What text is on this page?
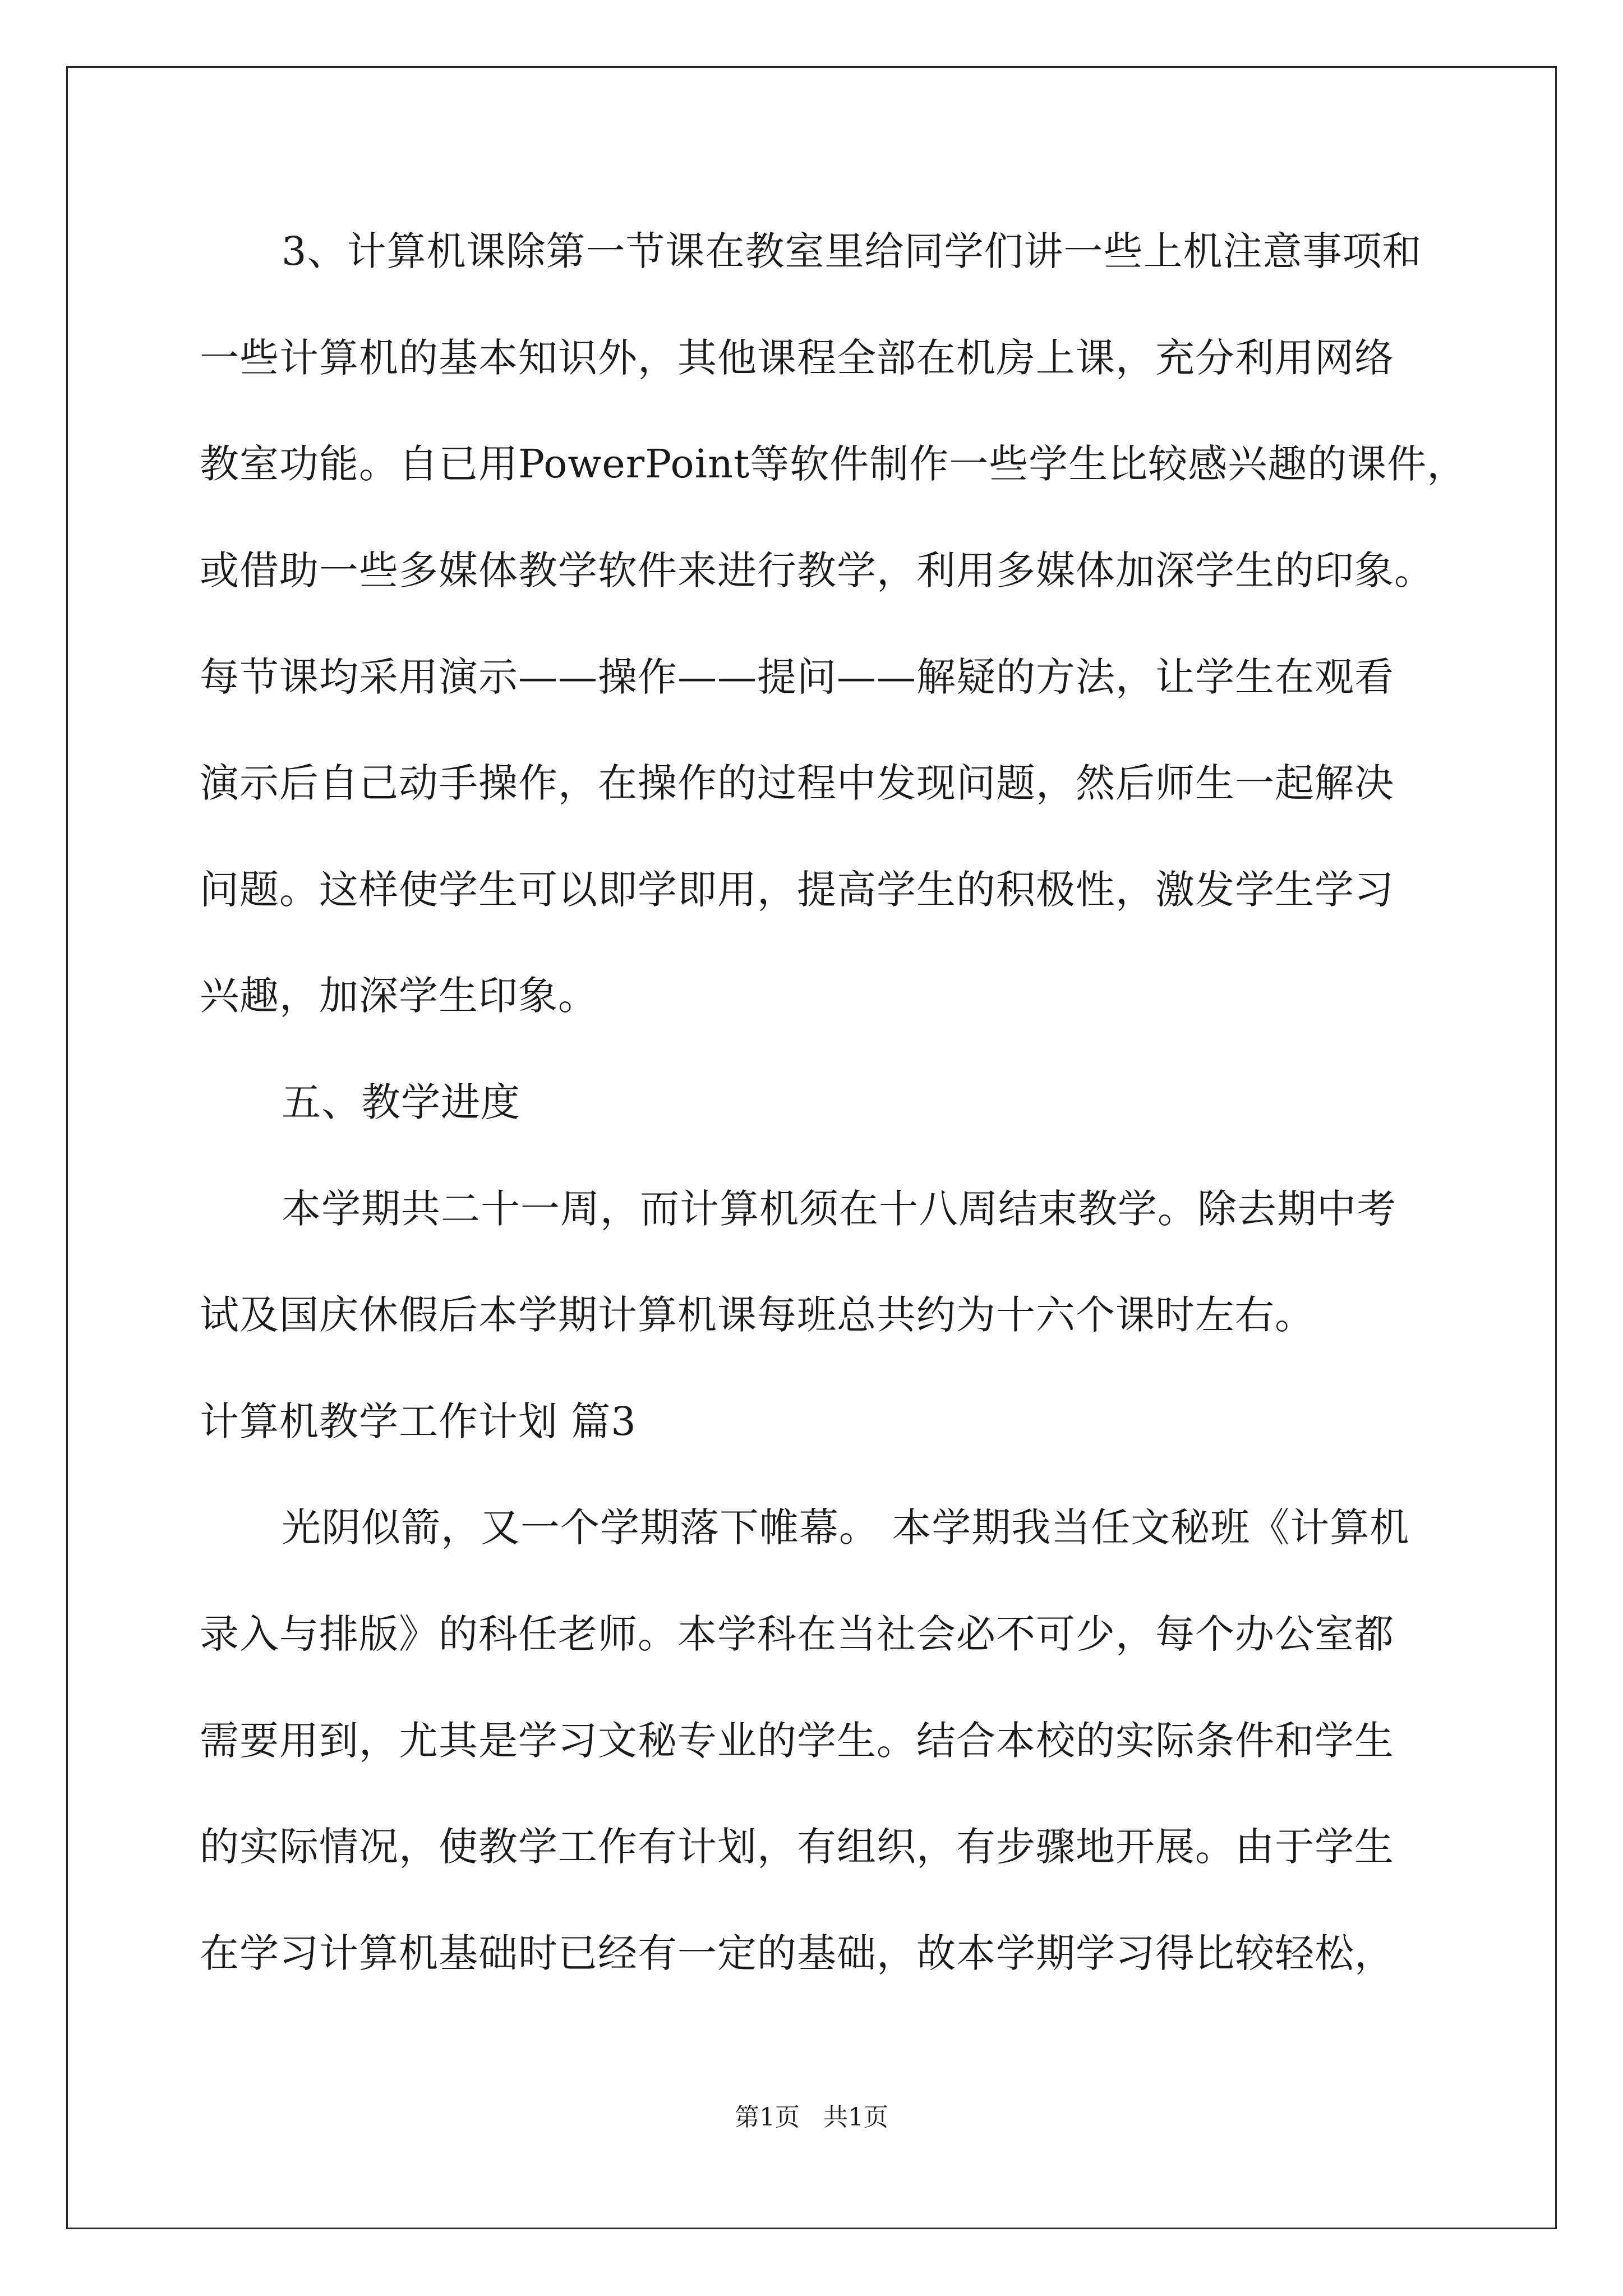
3、计算机课除第一节课在教室里给同学们讲一些上机注意事项和
一些计算机的基本知识外，其他课程全部在机房上课，充分利用网络
教室功能。自已用PowerPoint等软件制作一些学生比较感兴趣的课件，
或借助一些多媒体教学软件来进行教学，利用多媒体加深学生的印象。
每节课均采用演示——操作——提问——解疑的方法，让学生在观看
演示后自己动手操作，在操作的过程中发现问题，然后师生一起解决
问题。这样使学生可以即学即用，提高学生的积极性，激发学生学习
兴趣，加深学生印象。
五、教学进度
本学期共二十一周，而计算机须在十八周结束教学。除去期中考
试及国庆休假后本学期计算机课每班总共约为十六个课时左右。
计算机教学工作计划 篇3
光阴似箭，又一个学期落下帷幕。 本学期我当任文秘班《计算机
录入与排版》的科任老师。本学科在当社会必不可少，每个办公室都
需要用到，尤其是学习文秘专业的学生。结合本校的实际条件和学生
的实际情况，使教学工作有计划，有组织，有步骤地开展。由于学生
在学习计算机基础时已经有一定的基础，故本学期学习得比较轻松，
第1页   共1页
